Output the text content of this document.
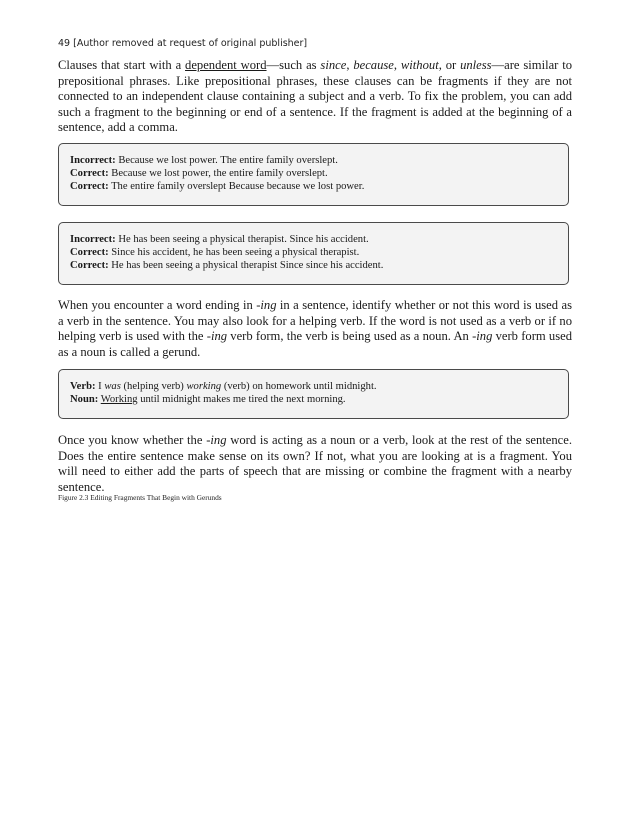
49 [Author removed at request of original publisher]

Clauses that start with a dependent word—such as since, because, without, or unless—are similar to prepositional phrases. Like prepositional phrases, these clauses can be fragments if they are not connected to an independent clause containing a subject and a verb. To fix the problem, you can add such a fragment to the beginning or end of a sentence. If the fragment is added at the beginning of a sentence, add a comma.

Incorrect: Because we lost power. The entire family overslept.
Correct: Because we lost power, the entire family overslept.
Correct: The entire family overslept Because because we lost power.
Incorrect: He has been seeing a physical therapist. Since his accident.
Correct: Since his accident, he has been seeing a physical therapist.
Correct: He has been seeing a physical therapist Since since his accident.

When you encounter a word ending in -ing in a sentence, identify whether or not this word is used as a verb in the sentence. You may also look for a helping verb. If the word is not used as a verb or if no helping verb is used with the -ing verb form, the verb is being used as a noun. An -ing verb form used as a noun is called a gerund.

Verb: I was (helping verb) working (verb) on homework until midnight.
Noun: Working until midnight makes me tired the next morning.

Once you know whether the -ing word is acting as a noun or a verb, look at the rest of the sentence. Does the entire sentence make sense on its own? If not, what you are looking at is a fragment. You will need to either add the parts of speech that are missing or combine the fragment with a nearby sentence.

Figure 2.3 Editing Fragments That Begin with Gerunds
